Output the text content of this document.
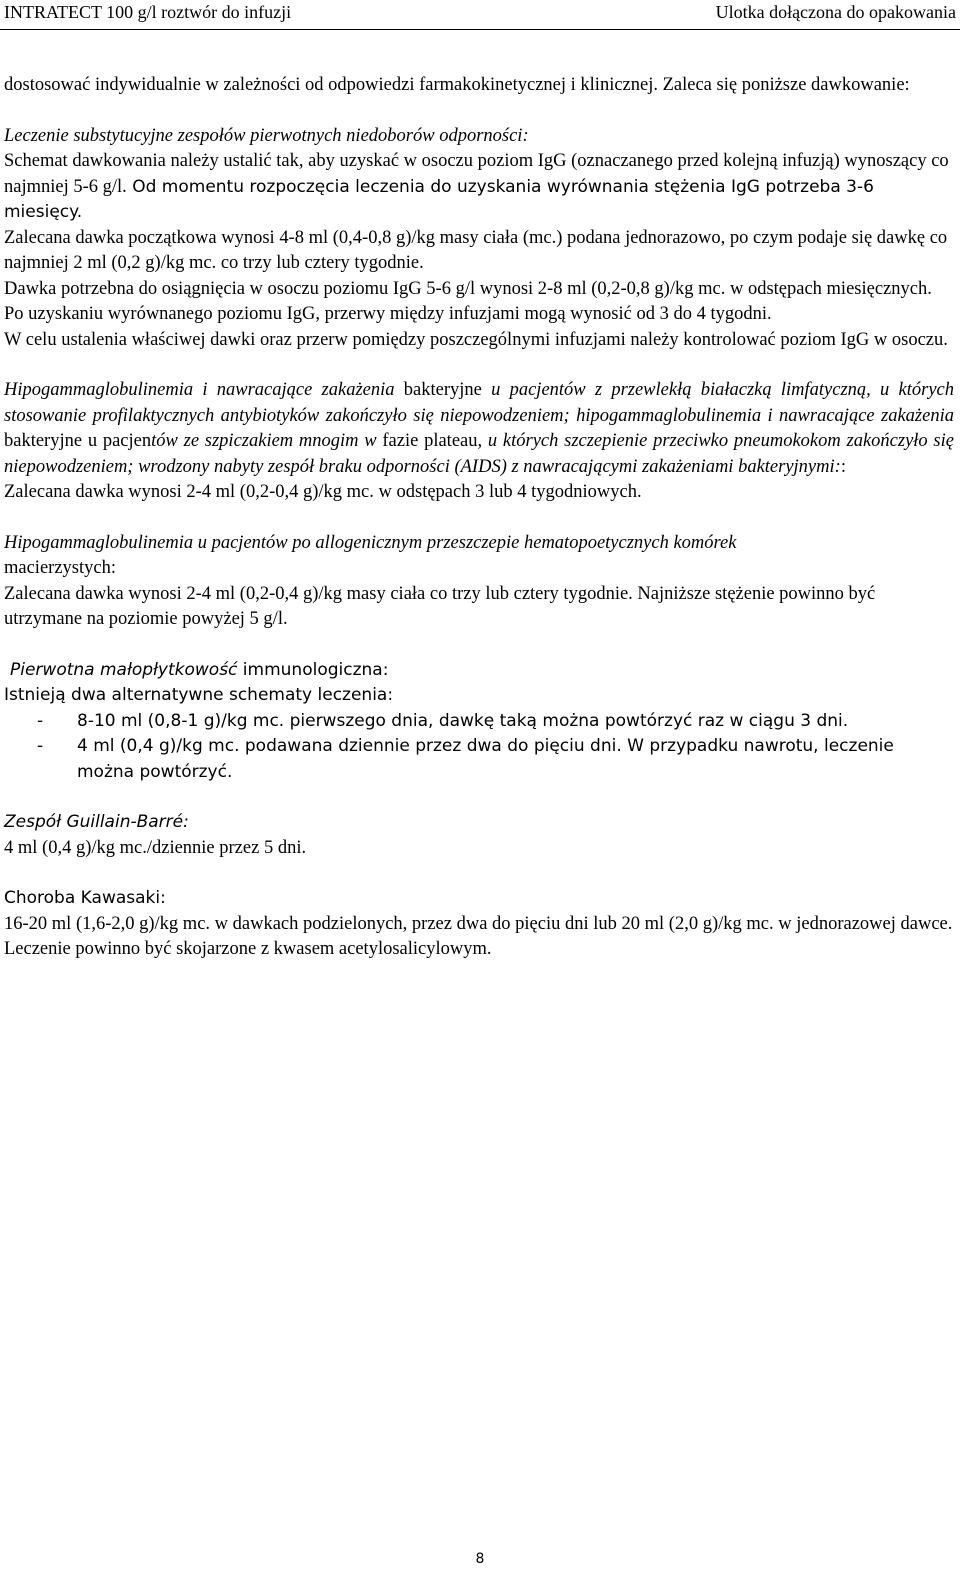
INTRATECT 100 g/l roztwór do infuzji	Ulotka dołączona do opakowania

dostosować indywidualnie w zależności od odpowiedzi farmakokinetycznej i klinicznej. Zaleca się poniższe dawkowanie:

Leczenie substytucyjne zespołów pierwotnych niedoborów odporności:

Schemat dawkowania należy ustalić tak, aby uzyskać w osoczu poziom IgG (oznaczanego przed kolejną infuzją) wynoszący co najmniej 5-6 g/l. Od momentu rozpoczęcia leczenia do uzyskania wyrównania stężenia IgG potrzeba 3-6 miesięcy.

Zalecana dawka początkowa wynosi 4-8 ml (0,4-0,8 g)/kg masy ciała (mc.) podana jednorazowo, po czym podaje się dawkę co najmniej 2 ml (0,2 g)/kg mc. co trzy lub cztery tygodnie.

Dawka potrzebna do osiągnięcia w osoczu poziomu IgG 5-6 g/l wynosi 2-8 ml (0,2-0,8 g)/kg mc. w odstępach miesięcznych. Po uzyskaniu wyrównanego poziomu IgG, przerwy między infuzjami mogą wynosić od 3 do 4 tygodni.

W celu ustalenia właściwej dawki oraz przerw pomiędzy poszczególnymi infuzjami należy kontrolować poziom IgG w osoczu.

Hipogammaglobulinemia i nawracające zakażenia bakteryjne u pacjentów z przewlekłą białaczką limfatyczną, u których stosowanie profilaktycznych antybiotyków zakończyło się niepowodzeniem; hipogammaglobulinemia i nawracające zakażenia bakteryjne u pacjentów ze szpiczakiem mnogim w fazie plateau, u których szczepienie przeciwko pneumokokom zakończyło się niepowodzeniem; wrodzony nabyty zespół braku odporności (AIDS) z nawracającymi zakażeniami bakteryjnymi::

Zalecana dawka wynosi 2-4 ml (0,2-0,4 g)/kg mc. w odstępach 3 lub 4 tygodniowych.

Hipogammaglobulinemia u pacjentów po allogenicznym przeszczepie hematopoetycznych komórek

macierzystych:

Zalecana dawka wynosi 2-4 ml (0,2-0,4 g)/kg masy ciała co trzy lub cztery tygodnie. Najniższe stężenie powinno być utrzymane na poziomie powyżej 5 g/l.

Pierwotna małopłytkowość immunologiczna:

Istnieją dwa alternatywne schematy leczenia:

- 8-10 ml (0,8-1 g)/kg mc. pierwszego dnia, dawkę taką można powtórzyć raz w ciągu 3 dni.
- 4 ml (0,4 g)/kg mc. podawana dziennie przez dwa do pięciu dni. W przypadku nawrotu, leczenie można powtórzyć.

Zespół Guillain-Barré:

4 ml (0,4 g)/kg mc./dziennie przez 5 dni.

Choroba Kawasaki:

16-20 ml (1,6-2,0 g)/kg mc. w dawkach podzielonych, przez dwa do pięciu dni lub 20 ml (2,0 g)/kg mc. w jednorazowej dawce. Leczenie powinno być skojarzone z kwasem acetylosalicylowym.

8
